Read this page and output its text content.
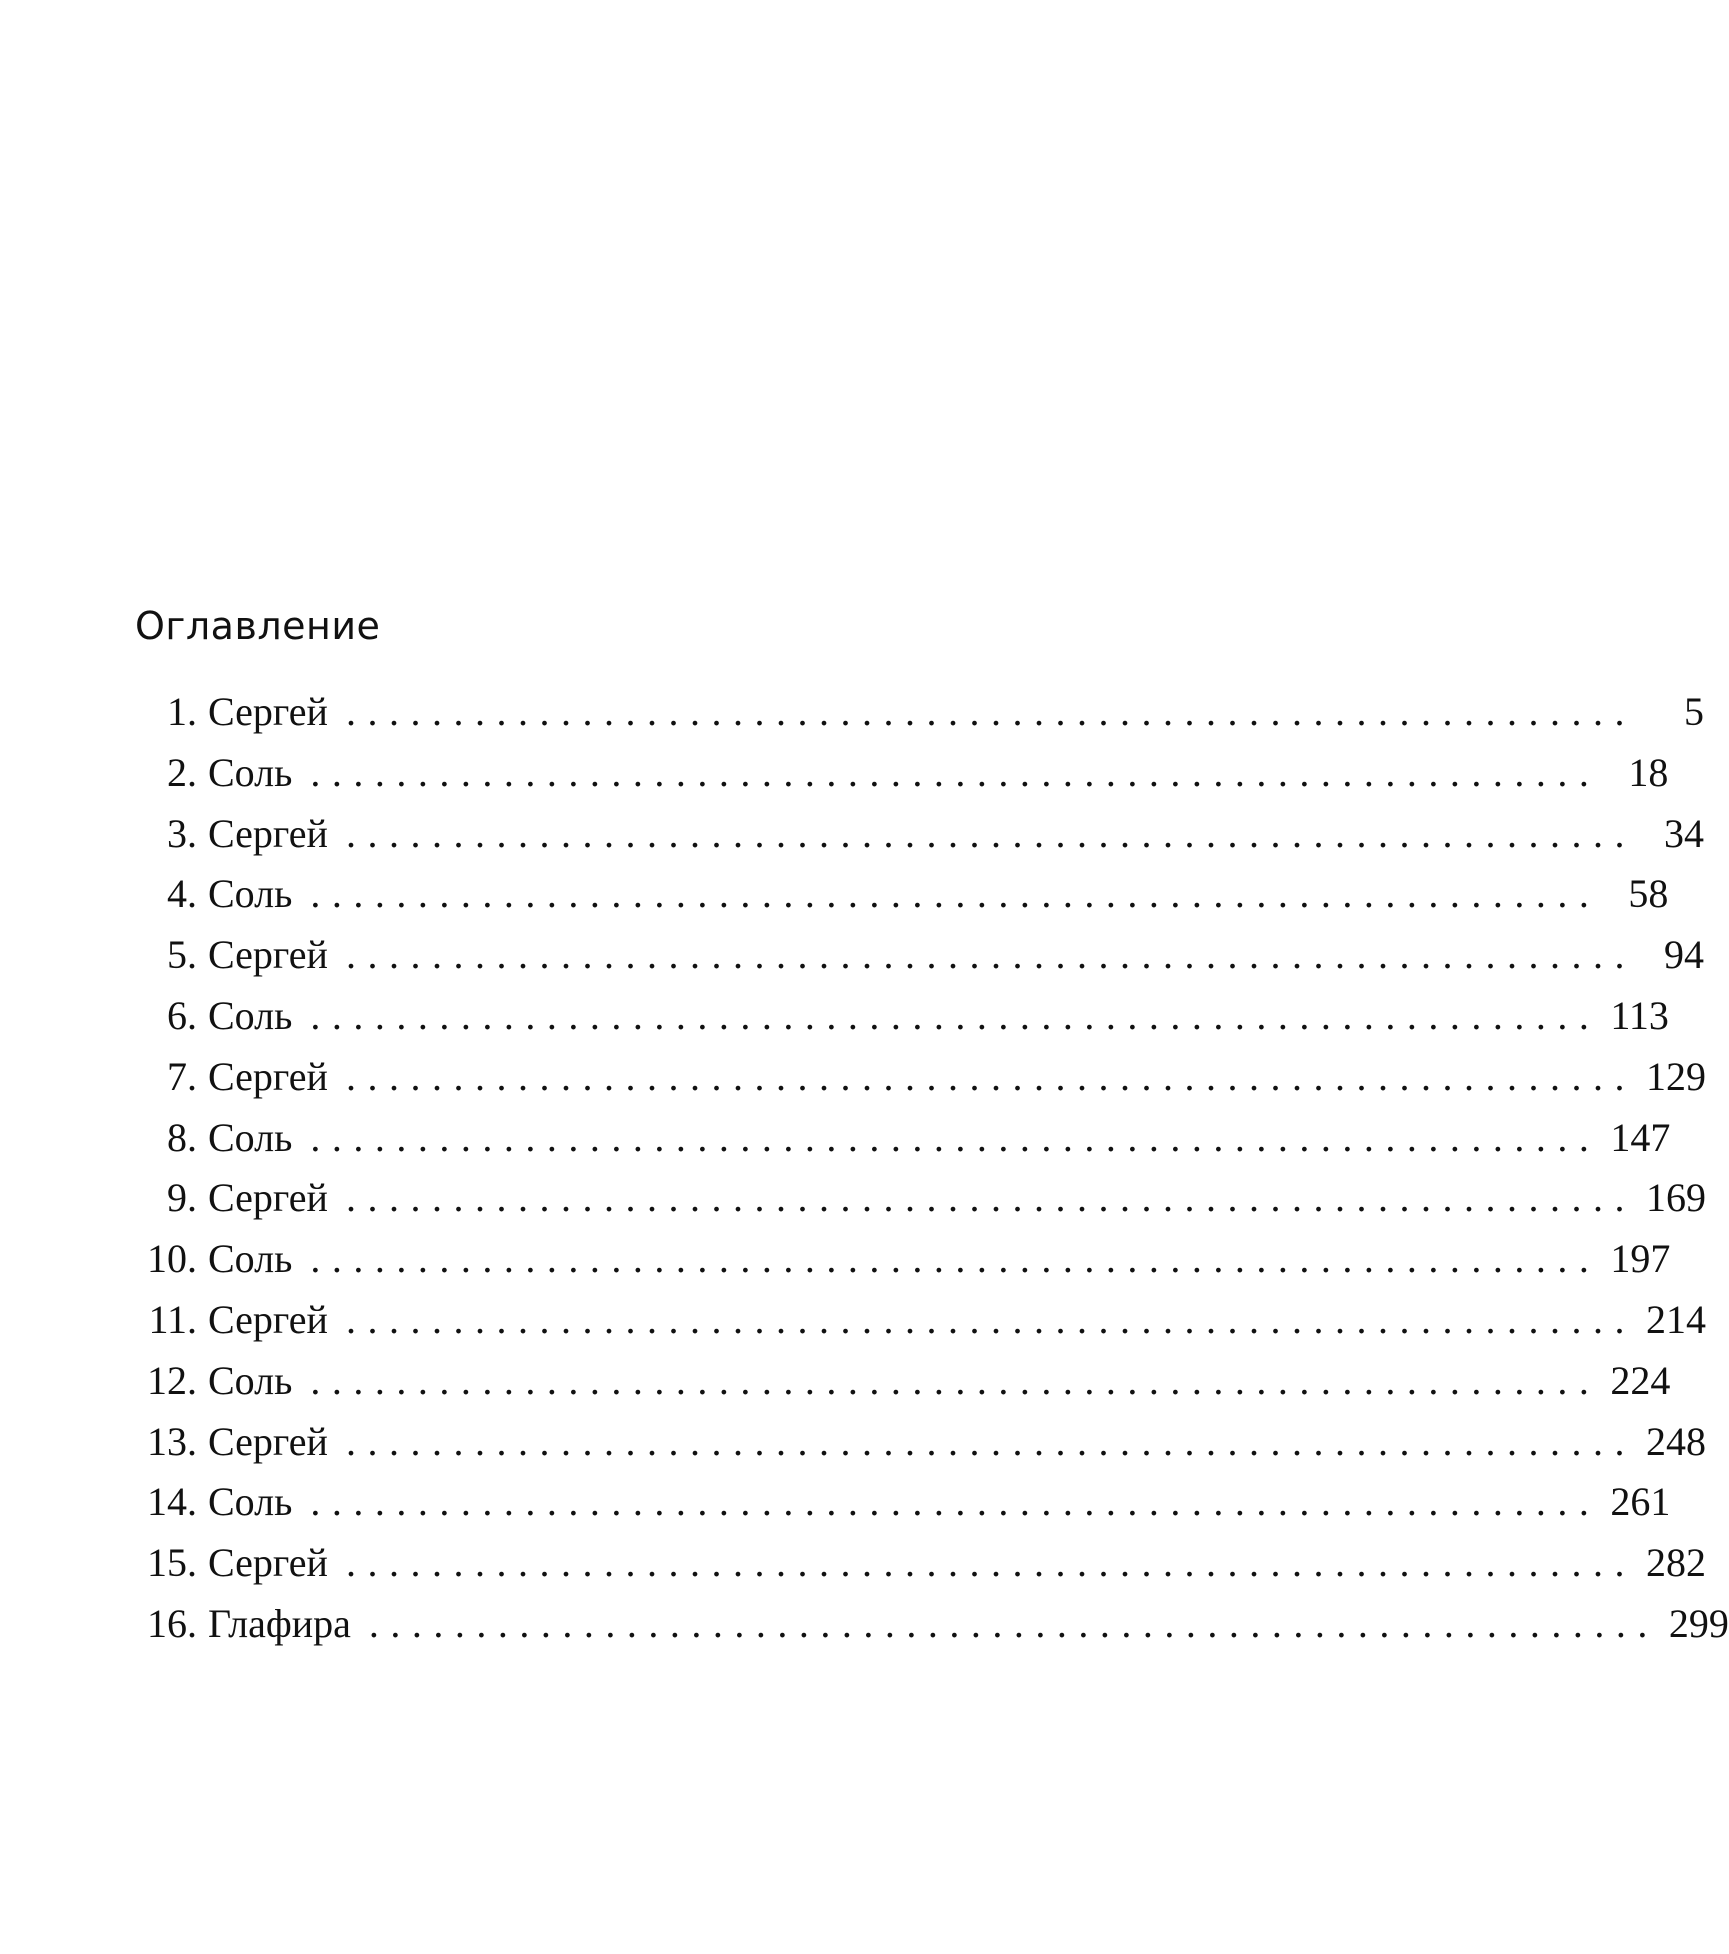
Оглавление
1. Сергей ............................................................	5
2. Соль ............................................................ 18
3. Сергей ............................................................ 34
4. Соль ............................................................ 58
5. Сергей ............................................................ 94
6. Соль ............................................................ 113
7. Сергей ............................................................ 129
8. Соль ............................................................ 147
9. Сергей ............................................................ 169
10. Соль ............................................................ 197
11. Сергей ............................................................ 214
12. Соль ............................................................ 224
13. Сергей ............................................................ 248
14. Соль ............................................................ 261
15. Сергей ............................................................ 282
16. Глафира ............................................................ 299
